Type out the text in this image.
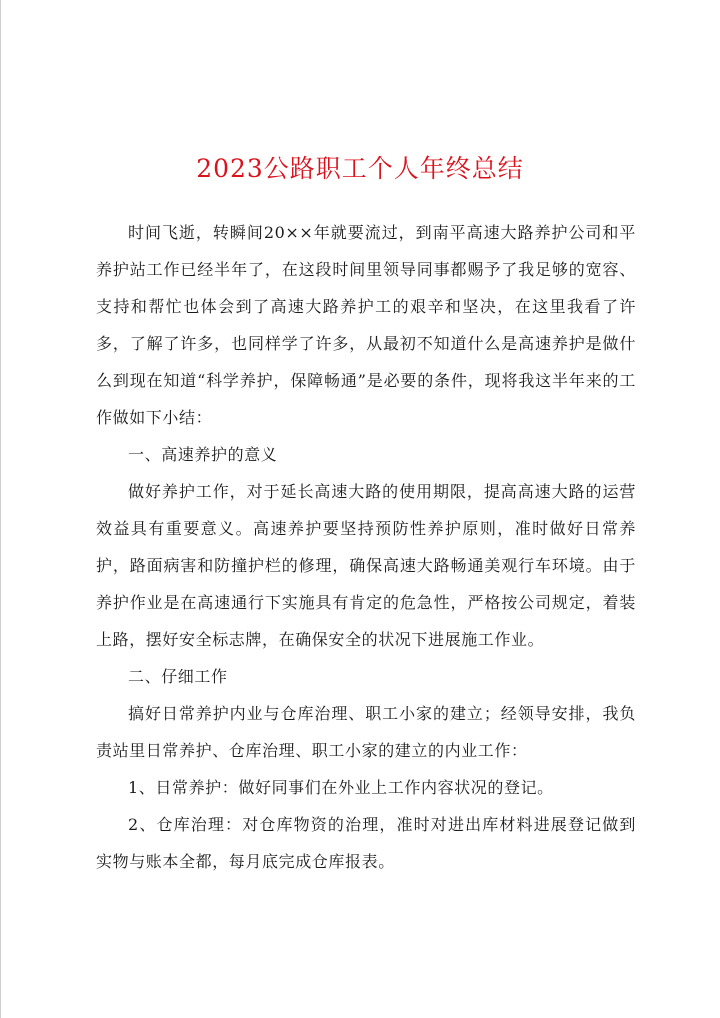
2023公路职工个人年终总结

时间飞逝，转瞬间20××年就要流过，到南平高速大路养护公司和平养护站工作已经半年了，在这段时间里领导同事都赐予了我足够的宽容、支持和帮忙也体会到了高速大路养护工的艰辛和坚决，在这里我看了许多，了解了许多，也同样学了许多，从最初不知道什么是高速养护是做什么到现在知道“科学养护，保障畅通”是必要的条件，现将我这半年来的工作做如下小结：

一、高速养护的意义

做好养护工作，对于延长高速大路的使用期限，提高高速大路的运营效益具有重要意义。高速养护要坚持预防性养护原则，准时做好日常养护，路面病害和防撞护栏的修理，确保高速大路畅通美观行车环境。由于养护作业是在高速通行下实施具有肯定的危急性，严格按公司规定，着装上路，摆好安全标志牌，在确保安全的状况下进展施工作业。

二、仔细工作

搞好日常养护内业与仓库治理、职工小家的建立；经领导安排，我负责站里日常养护、仓库治理、职工小家的建立的内业工作：

1、日常养护：做好同事们在外业上工作内容状况的登记。

2、仓库治理：对仓库物资的治理，准时对进出库材料进展登记做到实物与账本全都，每月底完成仓库报表。
